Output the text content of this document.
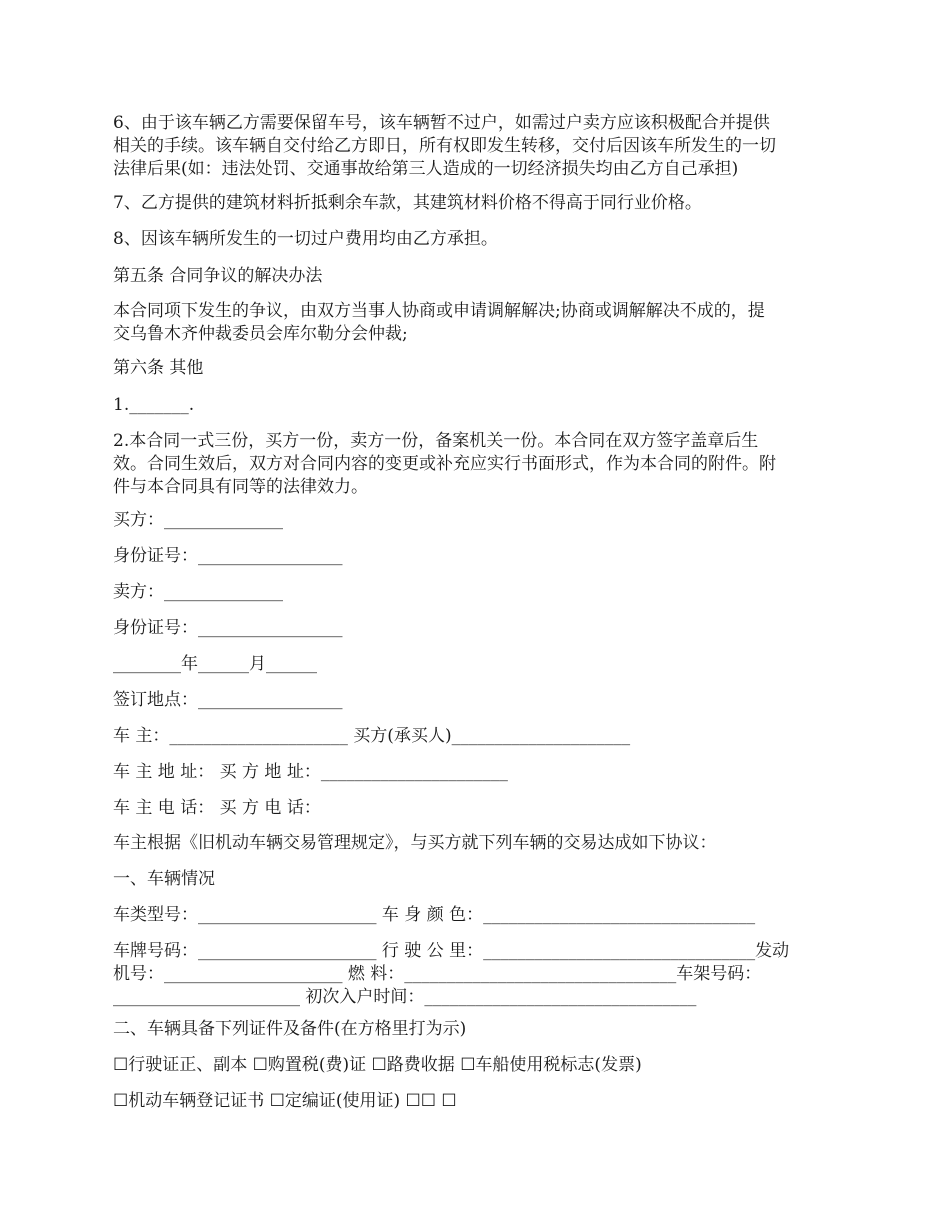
6、由于该车辆乙方需要保留车号，该车辆暂不过户，如需过户卖方应该积极配合并提供
相关的手续。该车辆自交付给乙方即日，所有权即发生转移，交付后因该车所发生的一切
法律后果(如：违法处罚、交通事故给第三人造成的一切经济损失均由乙方自己承担)
7、乙方提供的建筑材料折抵剩余车款，其建筑材料价格不得高于同行业价格。
8、因该车辆所发生的一切过户费用均由乙方承担。
第五条 合同争议的解决办法
本合同项下发生的争议，由双方当事人协商或申请调解解决;协商或调解解决不成的，提
交乌鲁木齐仲裁委员会库尔勒分会仲裁;
第六条 其他
1._______.
2.本合同一式三份，买方一份，卖方一份，备案机关一份。本合同在双方签字盖章后生
效。合同生效后，双方对合同内容的变更或补充应实行书面形式，作为本合同的附件。附
件与本合同具有同等的法律效力。
买方：______________
身份证号：_________________
卖方：______________
身份证号：_________________
________年______月______
签订地点：_________________
车 主：_____________________ 买方(承买人)_____________________
车 主 地 址： 买 方 地 址：______________________
车 主 电 话： 买 方 电 话：
车主根据《旧机动车辆交易管理规定》，与买方就下列车辆的交易达成如下协议：
一、车辆情况
车类型号：_____________________ 车 身 颜 色：________________________________
车牌号码：_____________________ 行 驶 公 里：________________________________发动
机号：_____________________ 燃 料：________________________________车架号码：
______________________ 初次入户时间：________________________________
二、车辆具备下列证件及备件(在方格里打为示)
☐行驶证正、副本 ☐购置税(费)证 ☐路费收据 ☐车船使用税标志(发票)
☐机动车辆登记证书 ☐定编证(使用证) ☐☐ ☐
